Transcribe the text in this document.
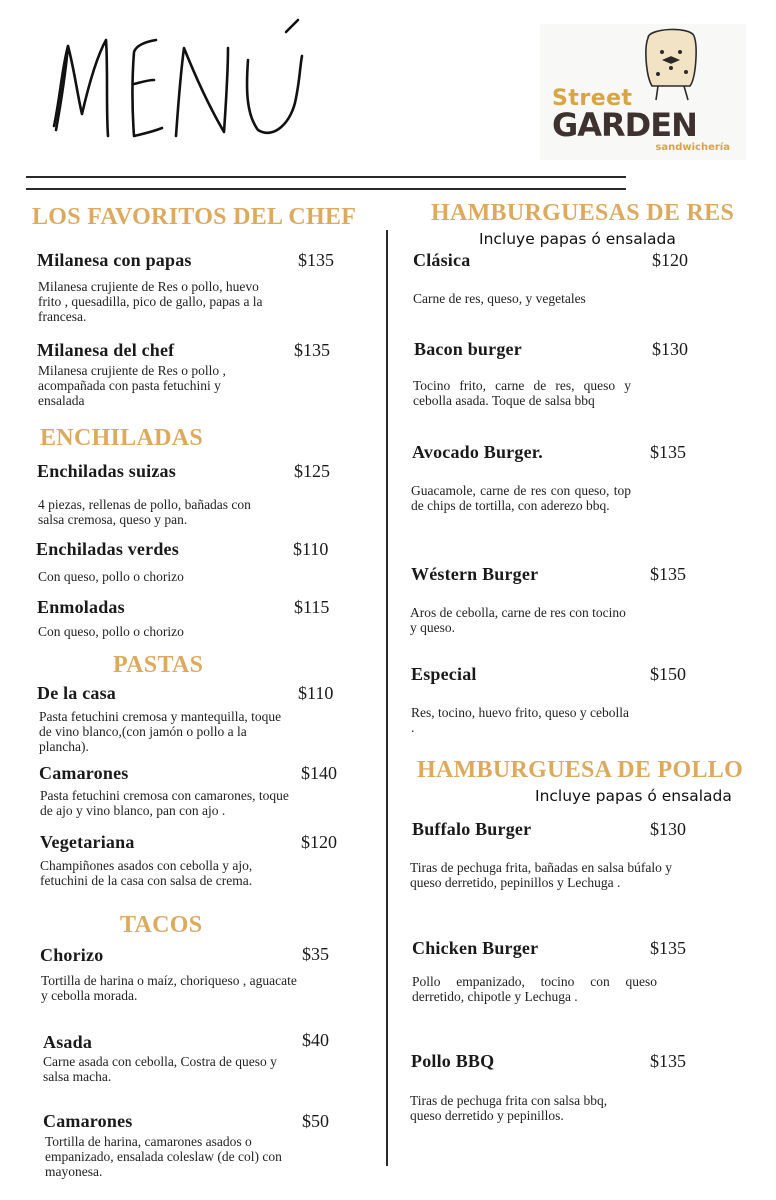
Street
GARDEN
sandwichería
LOS FAVORITOS DEL CHEF
Milanesa con papas	$135
Milanesa crujiente de Res o pollo, huevo frito , quesadilla, pico de gallo, papas a la francesa.
Milanesa del chef	$135
Milanesa crujiente de Res o pollo , acompañada con pasta fetuchini y ensalada
ENCHILADAS
Enchiladas suizas	$125
4 piezas, rellenas de pollo, bañadas con salsa cremosa, queso y pan.
Enchiladas verdes	$110
Con queso, pollo o chorizo
Enmoladas	$115
Con queso, pollo o chorizo
PASTAS
De la casa	$110
Pasta fetuchini cremosa y mantequilla, toque de vino blanco,(con jamón o pollo a la plancha).
Camarones	$140
Pasta fetuchini cremosa con camarones, toque de ajo y vino blanco, pan con ajo .
Vegetariana	$120
Champiñones asados con cebolla y ajo, fetuchini de la casa con salsa de crema.
TACOS
Chorizo	$35
Tortilla de harina o maíz, choriqueso , aguacate y cebolla morada.
Asada	$40
Carne asada con cebolla, Costra de queso y salsa macha.
Camarones	$50
Tortilla de harina, camarones asados o empanizado, ensalada coleslaw (de col) con mayonesa.
HAMBURGUESAS DE RES
Incluye papas ó ensalada
Clásica	$120
Carne de res, queso, y vegetales
Bacon burger	$130
Tocino frito, carne de res, queso y cebolla asada. Toque de salsa bbq
Avocado Burger.	$135
Guacamole, carne de res con queso, top de chips de tortilla, con aderezo bbq.
Wéstern Burger	$135
Aros de cebolla, carne de res con tocino y queso.
Especial	$150
Res, tocino, huevo frito, queso y cebolla .
HAMBURGUESA DE POLLO
Incluye papas ó ensalada
Buffalo Burger	$130
Tiras de pechuga frita, bañadas en salsa búfalo y queso derretido, pepinillos y Lechuga .
Chicken Burger	$135
Pollo empanizado, tocino con queso derretido, chipotle y Lechuga .
Pollo BBQ	$135
Tiras de pechuga frita con salsa bbq, queso derretido y pepinillos.
